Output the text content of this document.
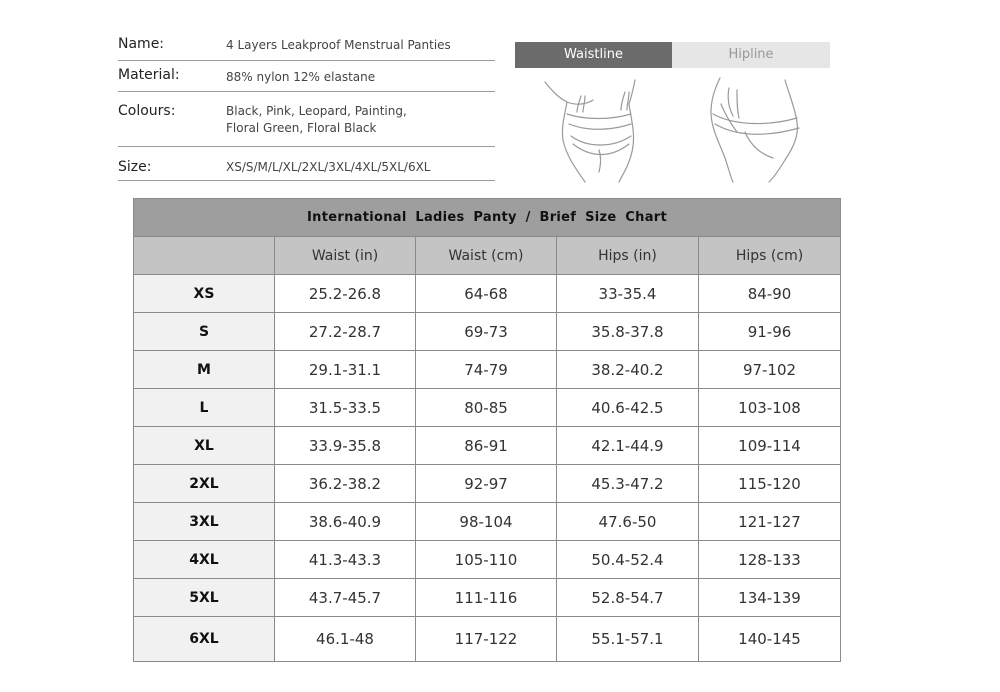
Name:	4 Layers Leakproof Menstrual Panties
Material:	88% nylon 12% elastane
Colours:	Black, Pink, Leopard, Painting,
Floral Green, Floral Black
Size:	XS/S/M/L/XL/2XL/3XL/4XL/5XL/6XL
Waistline	Hipline
International Ladies Panty / Brief Size Chart				
	Waist (in)	Waist (cm)	Hips (in)	Hips (cm)
XS	25.2-26.8	64-68	33-35.4	84-90
S	27.2-28.7	69-73	35.8-37.8	91-96
M	29.1-31.1	74-79	38.2-40.2	97-102
L	31.5-33.5	80-85	40.6-42.5	103-108
XL	33.9-35.8	86-91	42.1-44.9	109-114
2XL	36.2-38.2	92-97	45.3-47.2	115-120
3XL	38.6-40.9	98-104	47.6-50	121-127
4XL	41.3-43.3	105-110	50.4-52.4	128-133
5XL	43.7-45.7	111-116	52.8-54.7	134-139
6XL	46.1-48	117-122	55.1-57.1	140-145
